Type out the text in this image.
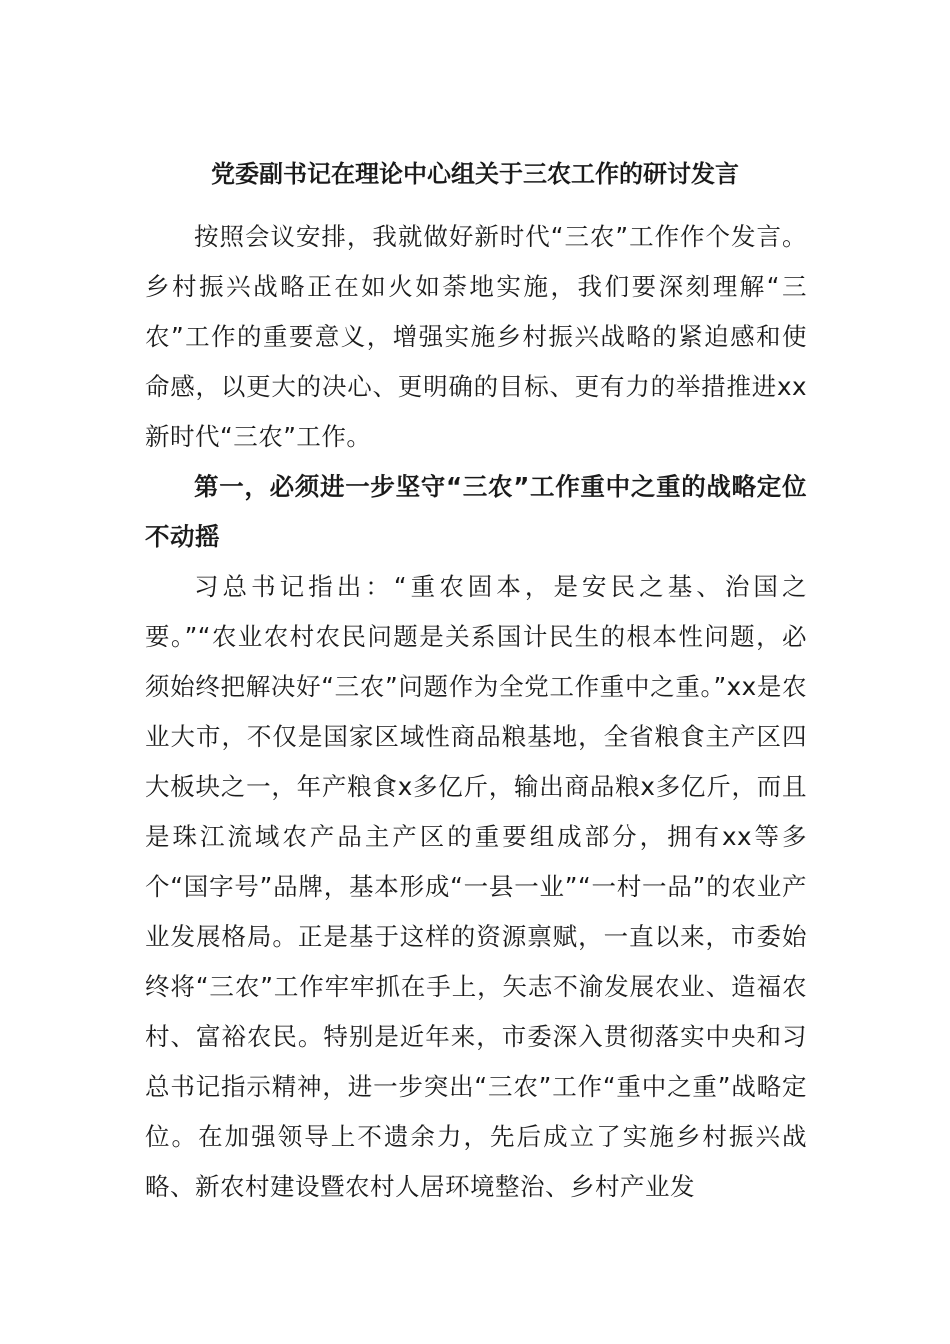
党委副书记在理论中心组关于三农工作的研讨发言

按照会议安排，我就做好新时代“三农”工作作个发言。乡村振兴战略正在如火如荼地实施，我们要深刻理解“三农”工作的重要意义，增强实施乡村振兴战略的紧迫感和使命感，以更大的决心、更明确的目标、更有力的举措推进xx新时代“三农”工作。

第一，必须进一步坚守“三农”工作重中之重的战略定位不动摇

习总书记指出：“重农固本，是安民之基、治国之要。”“农业农村农民问题是关系国计民生的根本性问题，必须始终把解决好“三农”问题作为全党工作重中之重。”xx是农业大市，不仅是国家区域性商品粮基地，全省粮食主产区四大板块之一，年产粮食x多亿斤，输出商品粮x多亿斤，而且是珠江流域农产品主产区的重要组成部分，拥有xx等多个“国字号”品牌，基本形成“一县一业”“一村一品”的农业产业发展格局。正是基于这样的资源禀赋，一直以来，市委始终将“三农”工作牢牢抓在手上，矢志不渝发展农业、造福农村、富裕农民。特别是近年来，市委深入贯彻落实中央和习总书记指示精神，进一步突出“三农”工作“重中之重”战略定位。在加强领导上不遗余力，先后成立了实施乡村振兴战略、新农村建设暨农村人居环境整治、乡村产业发
